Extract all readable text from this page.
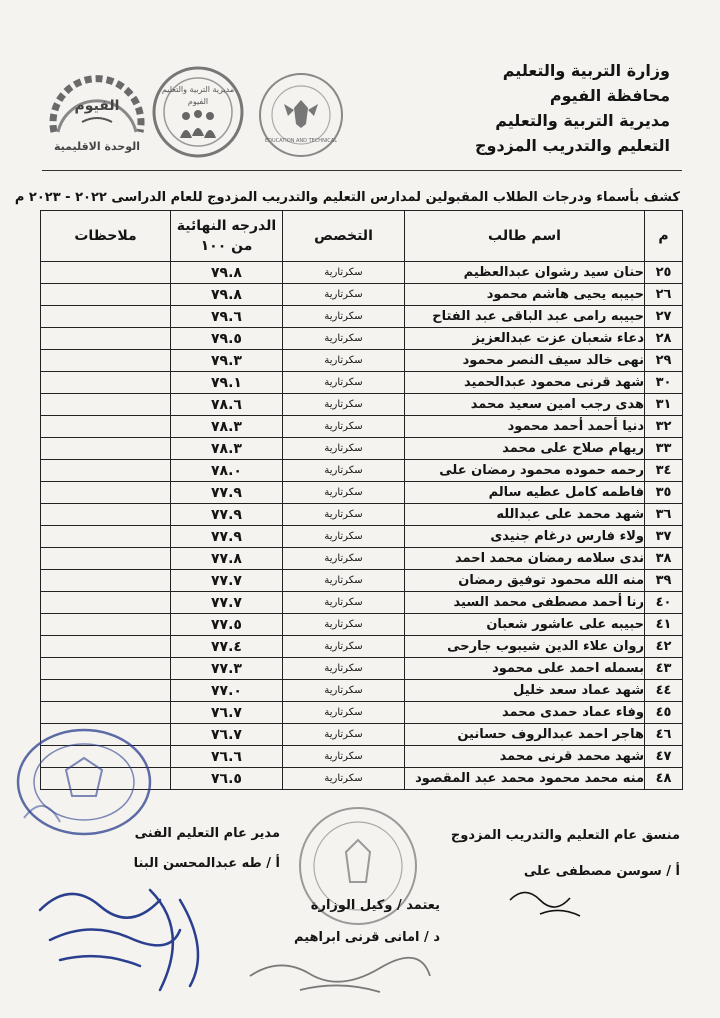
وزارة التربية والتعليم
محافظة الفيوم
مديرية التربية والتعليم
التعليم والتدريب المزدوج
الفيوم
الوحدة الاقليمية
مديرية التربية والتعليم
الفيوم
EDUCATION AND TECHNICAL
كشف بأسماء ودرجات الطلاب المقبولين لمدارس التعليم والتدريب المزدوج للعام الدراسى ٢٠٢٢ - ٢٠٢٣ م
م	اسم طالب	التخصص	الدرجه النهائية
من ١٠٠	ملاحظات
٢٥	حنان سيد رشوان عبدالعظيم	سكرتارية	٧٩.٨	
٢٦	حبيبه يحيى هاشم محمود	سكرتارية	٧٩.٨	
٢٧	حبيبه رامى عبد الباقى عبد الفتاح	سكرتارية	٧٩.٦	
٢٨	دعاء شعبان عزت عبدالعزيز	سكرتارية	٧٩.٥	
٢٩	نهى خالد سيف النصر محمود	سكرتارية	٧٩.٣	
٣٠	شهد قرنى محمود عبدالحميد	سكرتارية	٧٩.١	
٣١	هدى رجب امين سعيد محمد	سكرتارية	٧٨.٦	
٣٢	دنيا أحمد أحمد محمود	سكرتارية	٧٨.٣	
٣٣	ريهام صلاح على محمد	سكرتارية	٧٨.٣	
٣٤	رحمه حموده محمود رمضان على	سكرتارية	٧٨.٠	
٣٥	فاطمه كامل عطيه سالم	سكرتارية	٧٧.٩	
٣٦	شهد محمد على عبدالله	سكرتارية	٧٧.٩	
٣٧	ولاء فارس درغام جنيدى	سكرتارية	٧٧.٩	
٣٨	ندى سلامه رمضان محمد احمد	سكرتارية	٧٧.٨	
٣٩	منه الله محمود توفيق رمضان	سكرتارية	٧٧.٧	
٤٠	رنا أحمد مصطفى محمد السيد	سكرتارية	٧٧.٧	
٤١	حبيبه على عاشور شعبان	سكرتارية	٧٧.٥	
٤٢	روان علاء الدين شيبوب جارحى	سكرتارية	٧٧.٤	
٤٣	بسمله احمد على محمود	سكرتارية	٧٧.٣	
٤٤	شهد عماد سعد خليل	سكرتارية	٧٧.٠	
٤٥	وفاء عماد حمدى محمد	سكرتارية	٧٦.٧	
٤٦	هاجر احمد عبدالروف حسانين	سكرتارية	٧٦.٧	
٤٧	شهد محمد قرنى محمد	سكرتارية	٧٦.٦	
٤٨	منه محمد محمود محمد عبد المقصود	سكرتارية	٧٦.٥	
مدير عام التعليم الفنى
أ / طه عبدالمحسن البنا
منسق عام التعليم والتدريب المزدوج
أ / سوسن مصطفى على
يعتمد / وكيل الوزارة
د / امانى قرنى ابراهيم
